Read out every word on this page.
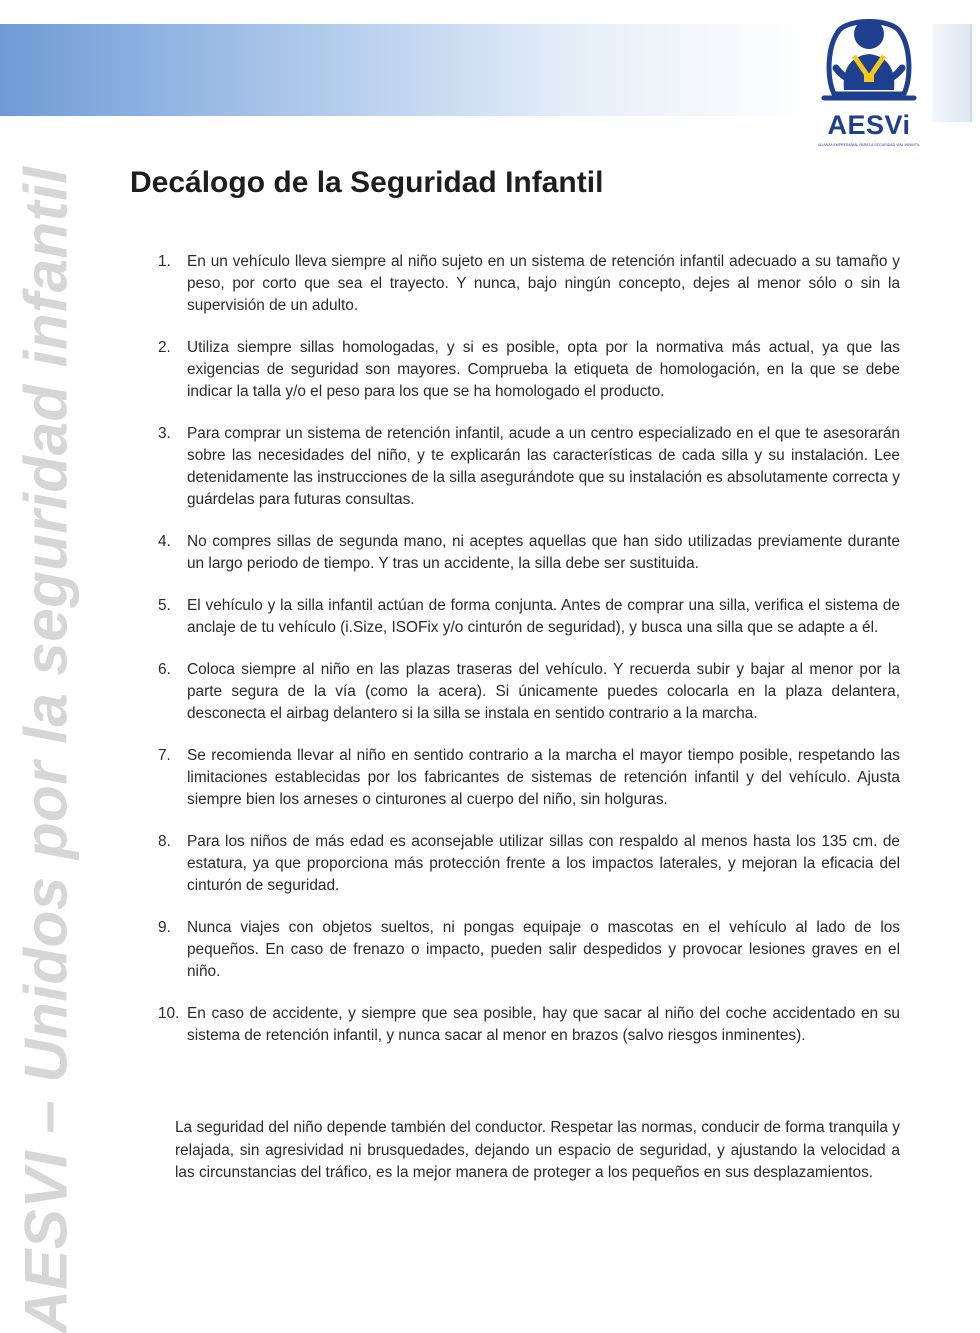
AESVi
ALIANZA EMPRESARIAL PARA LA SEGURIDAD VIAL INFANTIL
AESVI – Unidos por la seguridad infantil Decálogo de la Seguridad Infantil
1. En un vehículo lleva siempre al niño sujeto en un sistema de retención infantil adecuado a su tamaño y peso, por corto que sea el trayecto. Y nunca, bajo ningún concepto, dejes al menor sólo o sin la supervisión de un adulto.
2. Utiliza siempre sillas homologadas, y si es posible, opta por la normativa más actual, ya que las exigencias de seguridad son mayores. Comprueba la etiqueta de homologación, en la que se debe indicar la talla y/o el peso para los que se ha homologado el producto.
3. Para comprar un sistema de retención infantil, acude a un centro especializado en el que te asesorarán sobre las necesidades del niño, y te explicarán las características de cada silla y su instalación. Lee detenidamente las instrucciones de la silla asegurándote que su instalación es absolutamente correcta y guárdelas para futuras consultas.
4. No compres sillas de segunda mano, ni aceptes aquellas que han sido utilizadas previamente durante un largo periodo de tiempo. Y tras un accidente, la silla debe ser sustituida.
5. El vehículo y la silla infantil actúan de forma conjunta. Antes de comprar una silla, verifica el sistema de anclaje de tu vehículo (i.Size, ISOFix y/o cinturón de seguridad), y busca una silla que se adapte a él.
6. Coloca siempre al niño en las plazas traseras del vehículo. Y recuerda subir y bajar al menor por la parte segura de la vía (como la acera). Si únicamente puedes colocarla en la plaza delantera, desconecta el airbag delantero si la silla se instala en sentido contrario a la marcha.
7. Se recomienda llevar al niño en sentido contrario a la marcha el mayor tiempo posible, respetando las limitaciones establecidas por los fabricantes de sistemas de retención infantil y del vehículo. Ajusta siempre bien los arneses o cinturones al cuerpo del niño, sin holguras.
8. Para los niños de más edad es aconsejable utilizar sillas con respaldo al menos hasta los 135 cm. de estatura, ya que proporciona más protección frente a los impactos laterales, y mejoran la eficacia del cinturón de seguridad.
9. Nunca viajes con objetos sueltos, ni pongas equipaje o mascotas en el vehículo al lado de los pequeños. En caso de frenazo o impacto, pueden salir despedidos y provocar lesiones graves en el niño.
10. En caso de accidente, y siempre que sea posible, hay que sacar al niño del coche accidentado en su sistema de retención infantil, y nunca sacar al menor en brazos (salvo riesgos inminentes).

La seguridad del niño depende también del conductor. Respetar las normas, conducir de forma tranquila y relajada, sin agresividad ni brusquedades, dejando un espacio de seguridad, y ajustando la velocidad a las circunstancias del tráfico, es la mejor manera de proteger a los pequeños en sus desplazamientos.
